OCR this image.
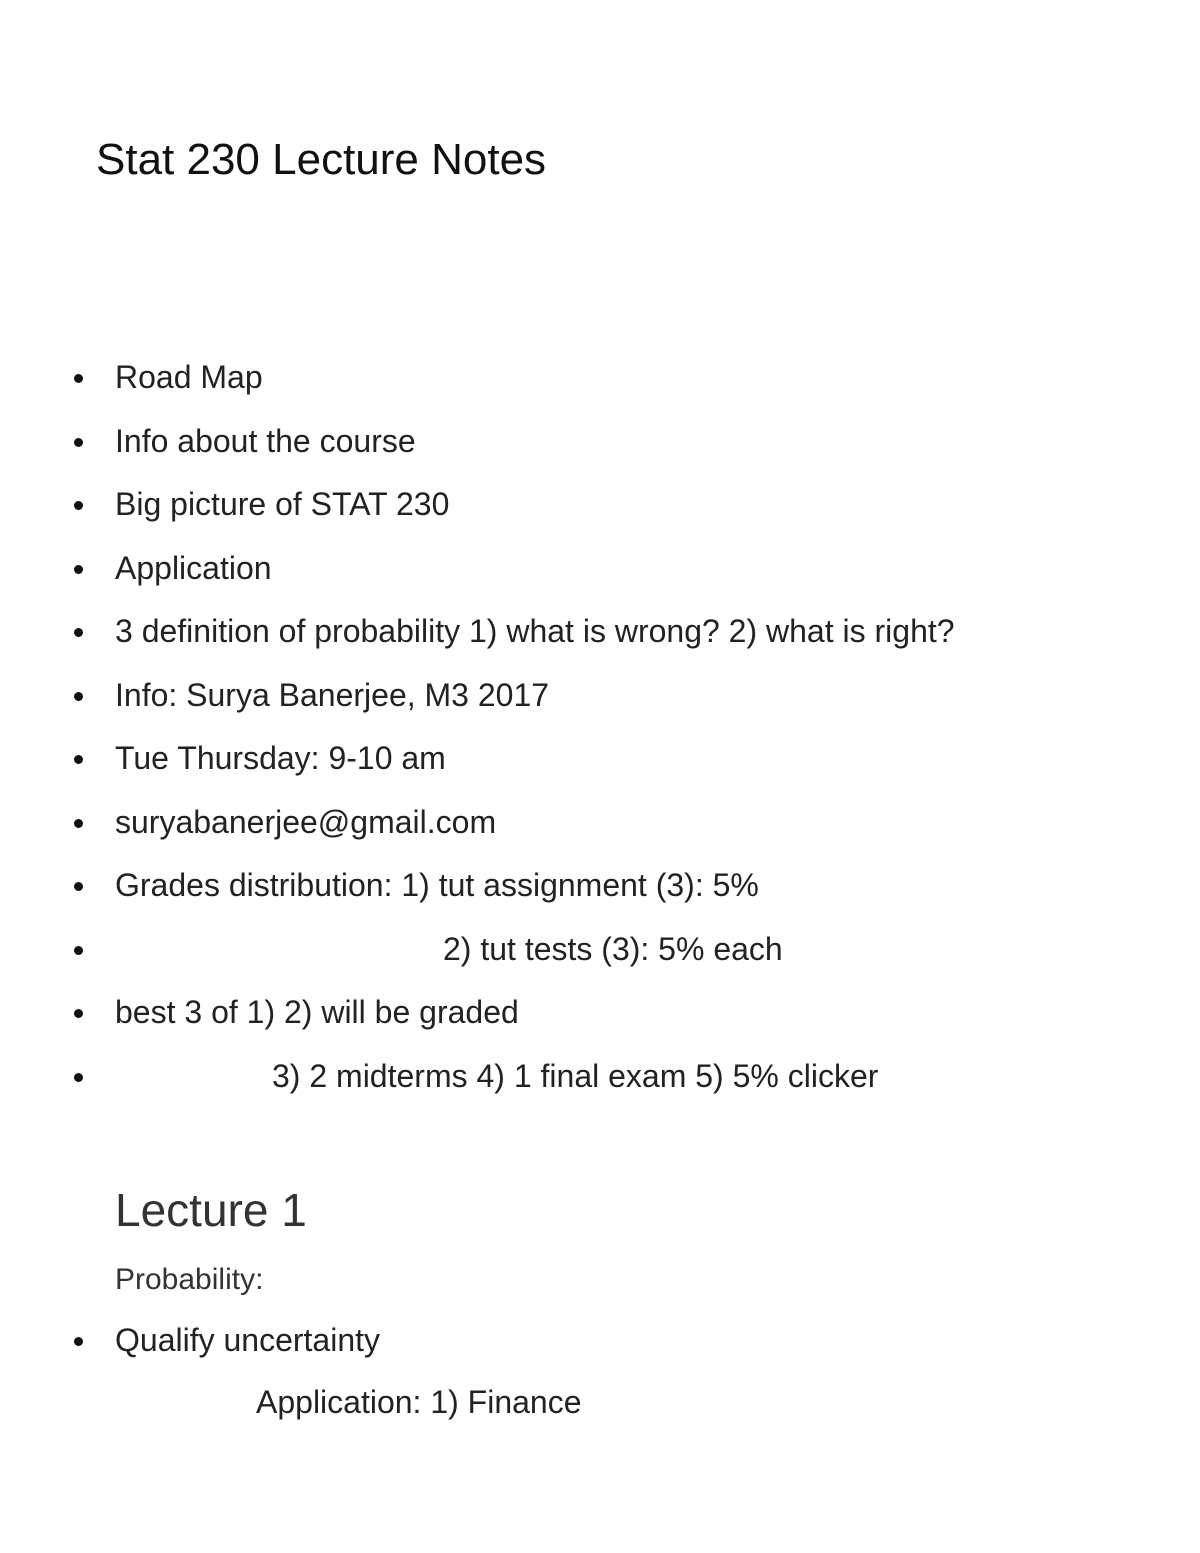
Stat 230 Lecture Notes
Road Map
Info about the course
Big picture of STAT 230
Application
3 definition of probability 1) what is wrong? 2) what is right?
Info: Surya Banerjee, M3 2017
Tue Thursday: 9-10 am
suryabanerjee@gmail.com
Grades distribution: 1) tut assignment (3): 5%
2) tut tests (3): 5% each
best 3 of 1) 2) will be graded
3) 2 midterms 4) 1 final exam 5) 5% clicker
Lecture 1
Probability:
Qualify uncertainty
Application: 1) Finance
